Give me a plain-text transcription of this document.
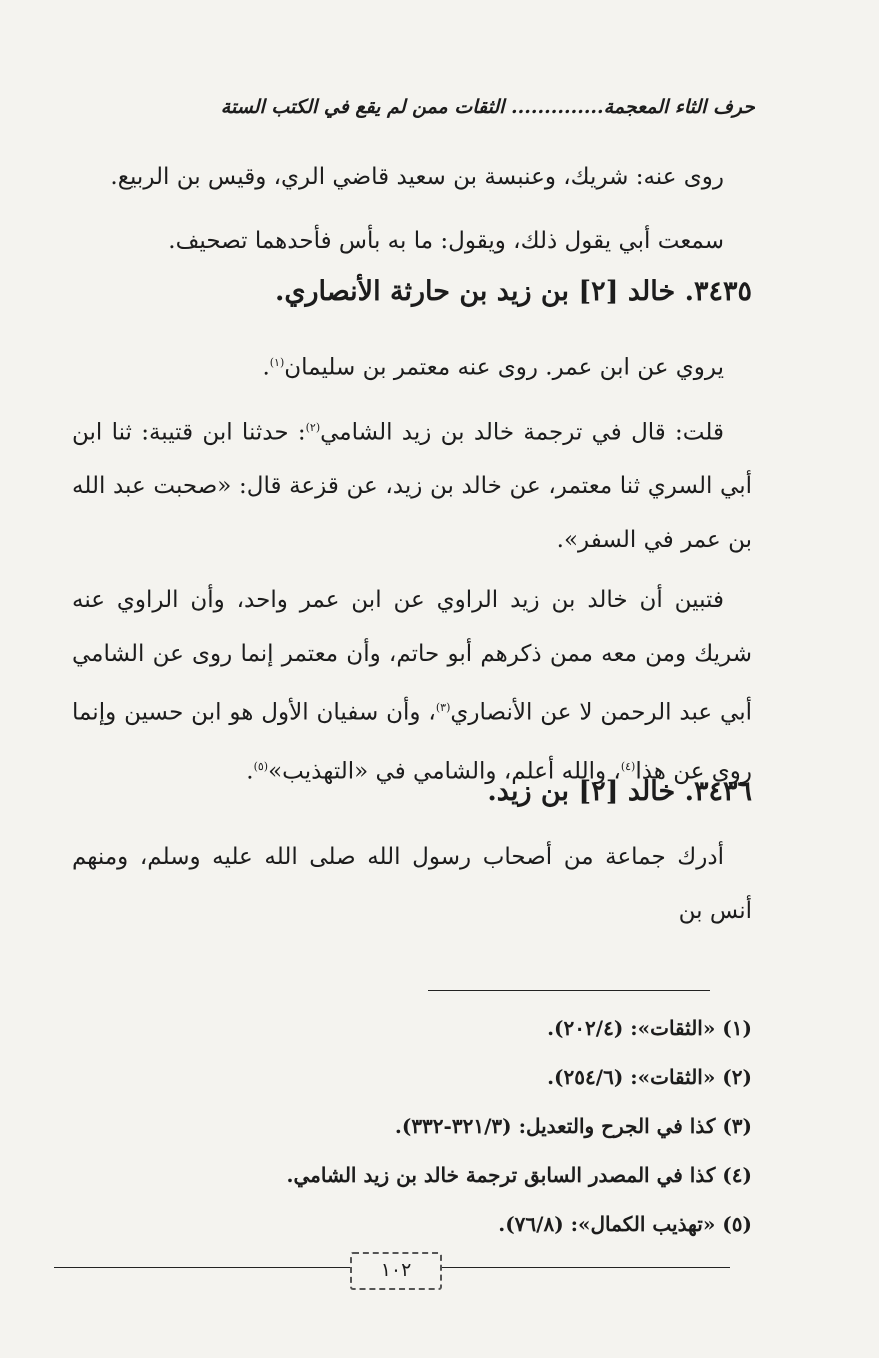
حرف الثاء المعجمة.............. الثقات ممن لم يقع في الكتب الستة
روى عنه: شريك، وعنبسة بن سعيد قاضي الري، وقيس بن الربيع.
سمعت أبي يقول ذلك، ويقول: ما به بأس فأحدهما تصحيف.
٣٤٣٥. خالد [٢] بن زيد بن حارثة الأنصاري.
يروي عن ابن عمر. روى عنه معتمر بن سليمان$^{(١)}$.
قلت: قال في ترجمة خالد بن زيد الشامي$^{(٢)}$: حدثنا ابن قتيبة: ثنا ابن أبي السري ثنا معتمر، عن خالد بن زيد، عن قزعة قال: «صحبت عبد الله بن عمر في السفر».
فتبين أن خالد بن زيد الراوي عن ابن عمر واحد، وأن الراوي عنه شريك ومن معه ممن ذكرهم أبو حاتم، وأن معتمر إنما روى عن الشامي أبي عبد الرحمن لا عن الأنصاري$^{(٣)}$، وأن سفيان الأول هو ابن حسين وإنما روى عن هذا$^{(٤)}$، والله أعلم، والشامي في «التهذيب»$^{(٥)}$.
٣٤٣٦. خالد [٢] بن زيد.
أدرك جماعة من أصحاب رسول الله صلى الله عليه وسلم، ومنهم أنس بن
(١) «الثقات»: (٢٠٢/٤).
(٢) «الثقات»: (٢٥٤/٦).
(٣) كذا في الجرح والتعديل: (٣٢١/٣-٣٣٢).
(٤) كذا في المصدر السابق ترجمة خالد بن زيد الشامي.
(٥) «تهذيب الكمال»: (٧٦/٨).
١٠٢
